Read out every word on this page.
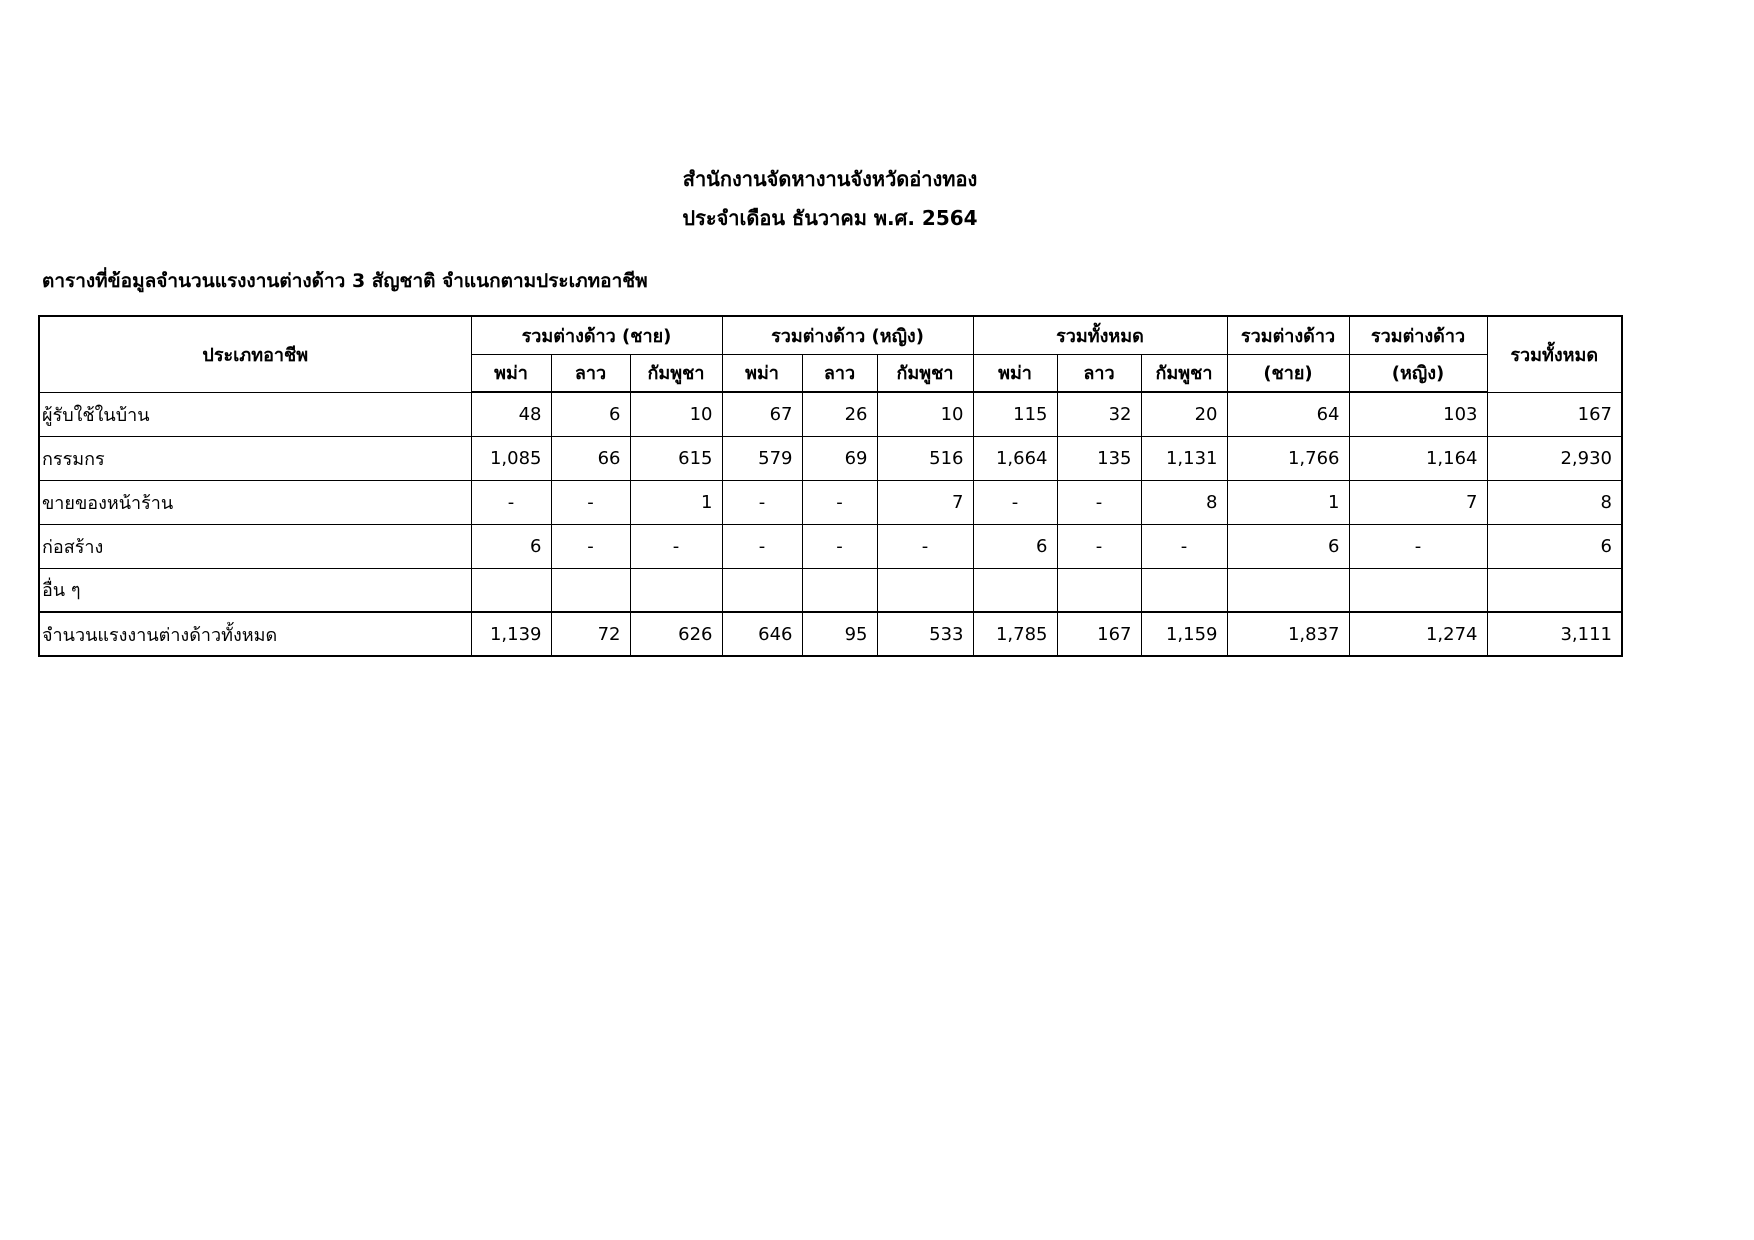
สำนักงานจัดหางานจังหวัดอ่างทอง
ประจำเดือน ธันวาคม พ.ศ. 2564
ตารางที่ข้อมูลจำนวนแรงงานต่างด้าว 3 สัญชาติ จำแนกตามประเภทอาชีพ
ประเภทอาชีพ	รวมต่างด้าว (ชาย)			รวมต่างด้าว (หญิง)			รวมทั้งหมด			รวมต่างด้าว	รวมต่างด้าว	รวมทั้งหมด
	พม่า	ลาว	กัมพูชา	พม่า	ลาว	กัมพูชา	พม่า	ลาว	กัมพูชา	(ชาย)	(หญิง)	
ผู้รับใช้ในบ้าน	48	6	10	67	26	10	115	32	20	64	103	167
กรรมกร	1,085	66	615	579	69	516	1,664	135	1,131	1,766	1,164	2,930
ขายของหน้าร้าน	-	-	1	-	-	7	-	-	8	1	7	8
ก่อสร้าง	6	-	-	-	-	-	6	-	-	6	-	6
อื่น ๆ												
จำนวนแรงงานต่างด้าวทั้งหมด	1,139	72	626	646	95	533	1,785	167	1,159	1,837	1,274	3,111
